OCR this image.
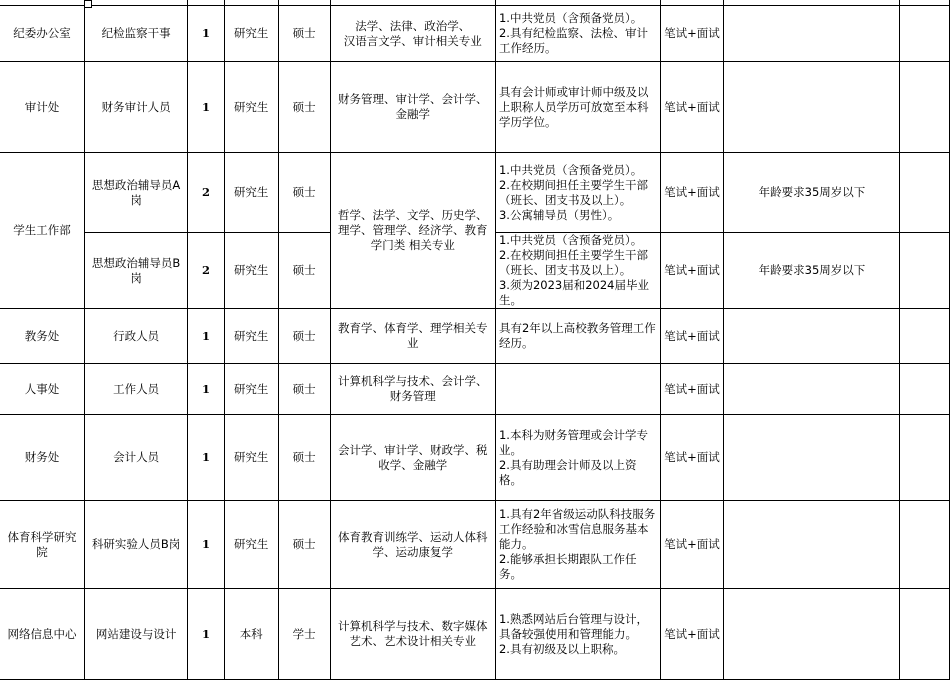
纪委办公室	纪检监察干事	1	研究生	硕士	法学、法律、政治学、
汉语言文学、审计相关专业	1.中共党员（含预备党员）。
2.具有纪检监察、法检、审计工作经历。	笔试+面试		
审计处	财务审计人员	1	研究生	硕士	财务管理、审计学、会计学、金融学	具有会计师或审计师中级及以上职称人员学历可放宽至本科学历学位。	笔试+面试		
学生工作部	思想政治辅导员A岗	2	研究生	硕士	哲学、法学、文学、历史学、理学、管理学、经济学、教育学门类 相关专业	1.中共党员（含预备党员）。
2.在校期间担任主要学生干部（班长、团支书及以上）。
3.公寓辅导员（男性）。	笔试+面试	年龄要求35周岁以下	
	思想政治辅导员B岗	2	研究生	硕士		1.中共党员（含预备党员）。
2.在校期间担任主要学生干部（班长、团支书及以上）。
3.须为2023届和2024届毕业生。	笔试+面试	年龄要求35周岁以下	
教务处	行政人员	1	研究生	硕士	教育学、体育学、理学相关专业	具有2年以上高校教务管理工作经历。	笔试+面试		
人事处	工作人员	1	研究生	硕士	计算机科学与技术、会计学、财务管理		笔试+面试		
财务处	会计人员	1	研究生	硕士	会计学、审计学、财政学、税收学、金融学	1.本科为财务管理或会计学专业。
2.具有助理会计师及以上资格。	笔试+面试		
体育科学研究院	科研实验人员B岗	1	研究生	硕士	体育教育训练学、运动人体科学、运动康复学	1.具有2年省级运动队科技服务工作经验和冰雪信息服务基本能力。
2.能够承担长期跟队工作任务。	笔试+面试		
网络信息中心	网站建设与设计	1	本科	学士	计算机科学与技术、数字媒体艺术、艺术设计相关专业	1.熟悉网站后台管理与设计，具备较强使用和管理能力。
2.具有初级及以上职称。	笔试+面试		
